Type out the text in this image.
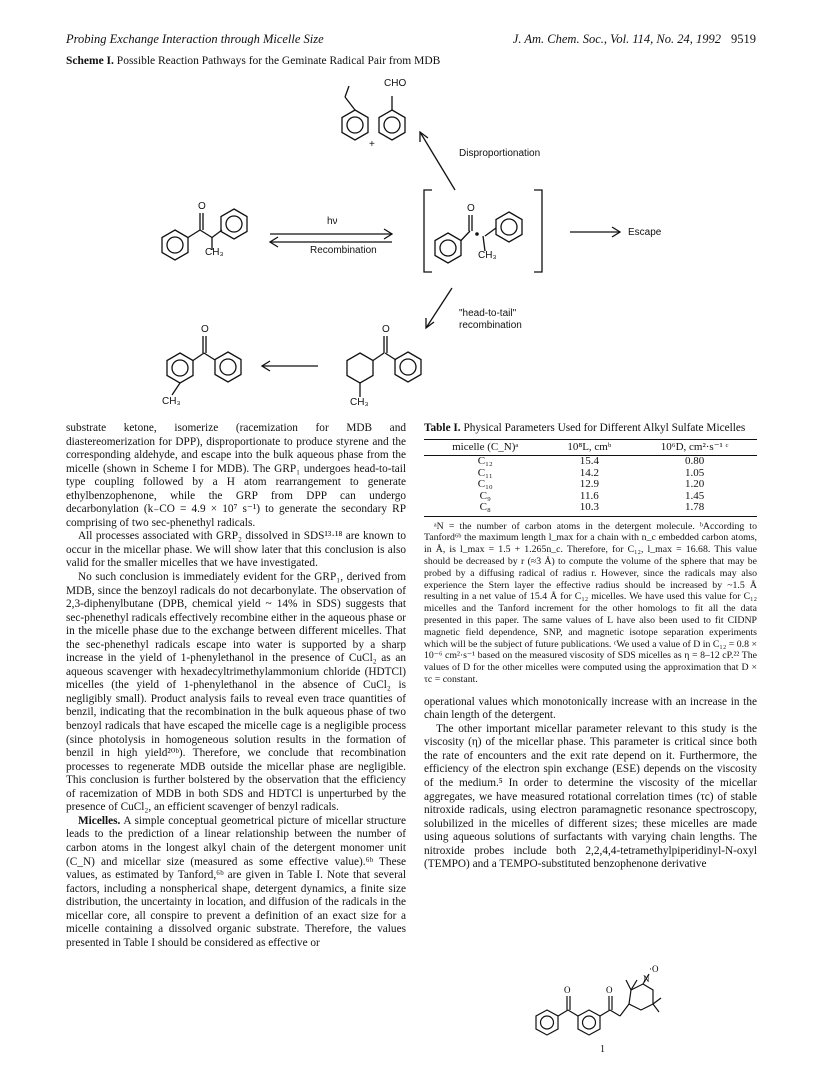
Probing Exchange Interaction through Micelle Size	J. Am. Chem. Soc., Vol. 114, No. 24, 1992 9519
Scheme I. Possible Reaction Pathways for the Geminate Radical Pair from MDB
CHO
+
Disproportionation
hν
Recombination
Escape
"head-to-tail"
recombination
CH₃	CH₃
CH₃
CH₃
O	O
O
O

substrate ketone, isomerize (racemization for MDB and diastereomerization for DPP), disproportionate to produce styrene and the corresponding aldehyde, and escape into the bulk aqueous phase from the micelle (shown in Scheme I for MDB). The GRP₁ undergoes head-to-tail type coupling followed by a H atom rearrangement to generate ethylbenzophenone, while the GRP from DPP can undergo decarbonylation (k₋CO = 4.9 × 10⁷ s⁻¹) to generate the secondary RP comprising of two sec-phenethyl radicals.

All processes associated with GRP₂ dissolved in SDS¹³·¹⁸ are known to occur in the micellar phase. We will show later that this conclusion is also valid for the smaller micelles that we have investigated.

No such conclusion is immediately evident for the GRP₁, derived from MDB, since the benzoyl radicals do not decarbonylate. The observation of 2,3-diphenylbutane (DPB, chemical yield ~ 14% in SDS) suggests that sec-phenethyl radicals effectively recombine either in the aqueous phase or in the micelle phase due to the exchange between different micelles. That the sec-phenethyl radicals escape into water is supported by a sharp increase in the yield of 1-phenylethanol in the presence of CuCl₂ as an aqueous scavenger with hexadecyltrimethylammonium chloride (HDTCl) micelles (the yield of 1-phenylethanol in the absence of CuCl₂ is negligibly small). Product analysis fails to reveal even trace quantities of benzil, indicating that the recombination in the bulk aqueous phase of two benzoyl radicals that have escaped the micelle cage is a negligible process (since photolysis in homogeneous solution results in the formation of benzil in high yield²⁰ᵇ). Therefore, we conclude that recombination processes to regenerate MDB outside the micellar phase are negligible. This conclusion is further bolstered by the observation that the efficiency of racemization of MDB in both SDS and HDTCl is unperturbed by the presence of CuCl₂, an efficient scavenger of benzyl radicals.

Micelles. A simple conceptual geometrical picture of micellar structure leads to the prediction of a linear relationship between the number of carbon atoms in the longest alkyl chain of the detergent monomer unit (C_N) and micellar size (measured as some effective value).⁶ᵇ These values, as estimated by Tanford,⁶ᵇ are given in Table I. Note that several factors, including a nonspherical shape, detergent dynamics, a finite size distribution, the uncertainty in location, and diffusion of the radicals in the micellar core, all conspire to prevent a definition of an exact size for a micelle containing a dissolved organic substrate. Therefore, the values presented in Table I should be considered as effective or

Table I. Physical Parameters Used for Different Alkyl Sulfate Micelles
micelle (C_N)ᵃ	10⁸L, cmᵇ	10⁶D, cm²·s⁻¹ ᶜ
C₁₂	15.4	0.80
C₁₁	14.2	1.05
C₁₀	12.9	1.20
C₉	11.6	1.45
C₈	10.3	1.78

ᵃN = the number of carbon atoms in the detergent molecule. ᵇAccording to Tanford⁶ᵇ the maximum length l_max for a chain with n_c embedded carbon atoms, in Å, is l_max = 1.5 + 1.265n_c. Therefore, for C₁₂, l_max = 16.68. This value should be decreased by r (≈3 Å) to compute the volume of the sphere that may be probed by a diffusing radical of radius r. However, since the radicals may also experience the Stern layer the effective radius should be increased by ~1.5 Å resulting in a net value of 15.4 Å for C₁₂ micelles. We have used this value for C₁₂ micelles and the Tanford increment for the other homologs to fit all the data presented in this paper. The same values of L have also been used to fit CIDNP magnetic field dependence, SNP, and magnetic isotope separation experiments which will be the subject of future publications. ᶜWe used a value of D in C₁₂ = 0.8 × 10⁻⁶ cm²·s⁻¹ based on the measured viscosity of SDS micelles as η = 8–12 cP.²² The values of D for the other micelles were computed using the approximation that D × τc = constant.

operational values which monotonically increase with an increase in the chain length of the detergent.

The other important micellar parameter relevant to this study is the viscosity (η) of the micellar phase. This parameter is critical since both the rate of encounters and the exit rate depend on it. Furthermore, the efficiency of the electron spin exchange (ESE) depends on the viscosity of the medium.⁵ In order to determine the viscosity of the micellar aggregates, we have measured rotational correlation times (τc) of stable nitroxide radicals, using electron paramagnetic resonance spectroscopy, solubilized in the micelles of different sizes; these micelles are made using aqueous solutions of surfactants with varying chain lengths. The nitroxide probes include both 2,2,4,4-tetramethylpiperidinyl-N-oxyl (TEMPO) and a TEMPO-substituted benzophenone derivative

O	O
N
·O
1
